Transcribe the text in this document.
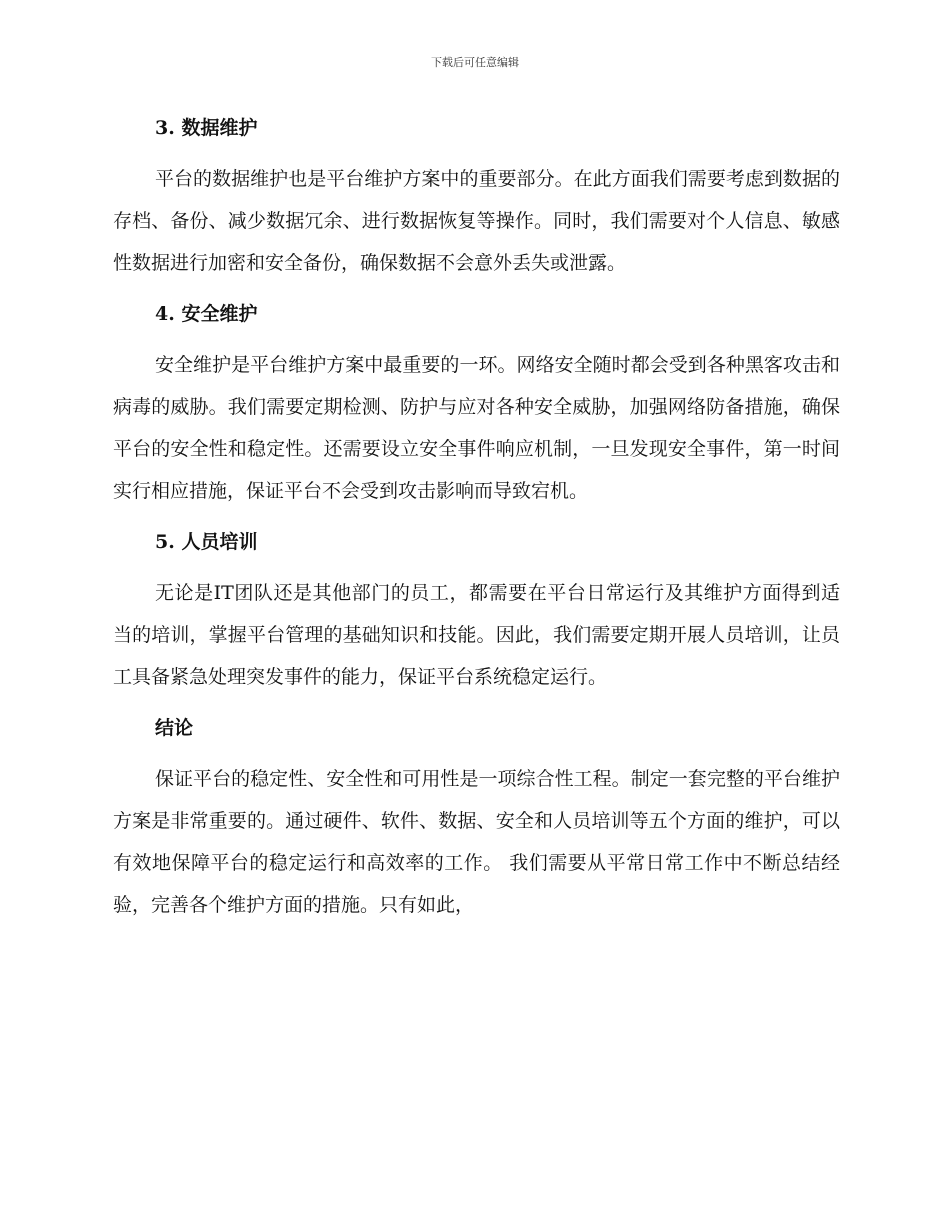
下载后可任意编辑
3. 数据维护

平台的数据维护也是平台维护方案中的重要部分。在此方面我们需要考虑到数据的存档、备份、减少数据冗余、进行数据恢复等操作。同时，我们需要对个人信息、敏感性数据进行加密和安全备份，确保数据不会意外丢失或泄露。

4. 安全维护

安全维护是平台维护方案中最重要的一环。网络安全随时都会受到各种黑客攻击和病毒的威胁。我们需要定期检测、防护与应对各种安全威胁，加强网络防备措施，确保平台的安全性和稳定性。还需要设立安全事件响应机制，一旦发现安全事件，第一时间实行相应措施，保证平台不会受到攻击影响而导致宕机。

5. 人员培训

无论是IT团队还是其他部门的员工，都需要在平台日常运行及其维护方面得到适当的培训，掌握平台管理的基础知识和技能。因此，我们需要定期开展人员培训，让员工具备紧急处理突发事件的能力，保证平台系统稳定运行。

结论

保证平台的稳定性、安全性和可用性是一项综合性工程。制定一套完整的平台维护方案是非常重要的。通过硬件、软件、数据、安全和人员培训等五个方面的维护，可以有效地保障平台的稳定运行和高效率的工作。 我们需要从平常日常工作中不断总结经验，完善各个维护方面的措施。只有如此，
